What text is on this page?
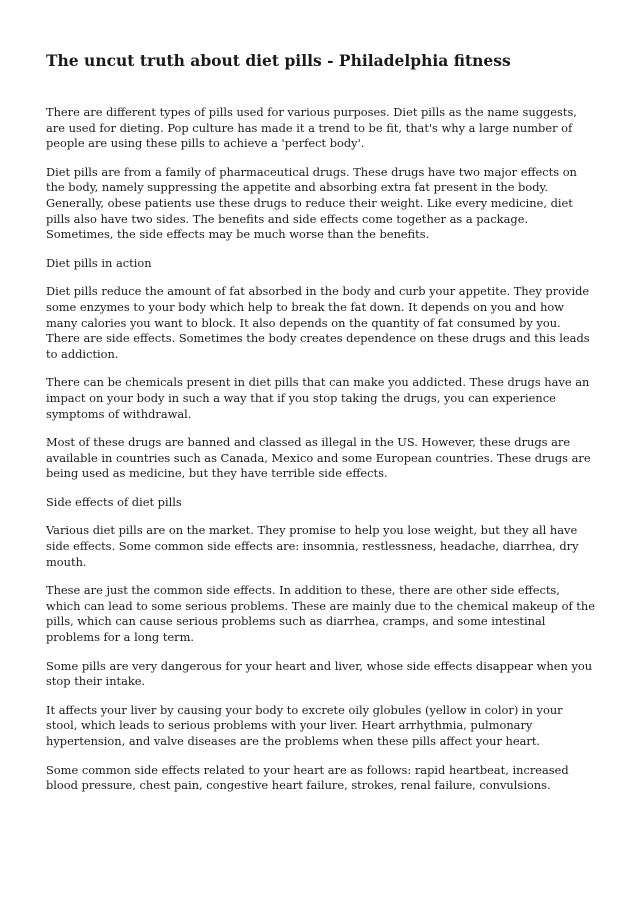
The uncut truth about diet pills - Philadelphia fitness

There are different types of pills used for various purposes. Diet pills as the name suggests, are used for dieting. Pop culture has made it a trend to be fit, that's why a large number of people are using these pills to achieve a 'perfect body'.

Diet pills are from a family of pharmaceutical drugs. These drugs have two major effects on the body, namely suppressing the appetite and absorbing extra fat present in the body. Generally, obese patients use these drugs to reduce their weight. Like every medicine, diet pills also have two sides. The benefits and side effects come together as a package. Sometimes, the side effects may be much worse than the benefits.

Diet pills in action

Diet pills reduce the amount of fat absorbed in the body and curb your appetite. They provide some enzymes to your body which help to break the fat down. It depends on you and how many calories you want to block. It also depends on the quantity of fat consumed by you. There are side effects. Sometimes the body creates dependence on these drugs and this leads to addiction.

There can be chemicals present in diet pills that can make you addicted. These drugs have an impact on your body in such a way that if you stop taking the drugs, you can experience symptoms of withdrawal.

Most of these drugs are banned and classed as illegal in the US. However, these drugs are available in countries such as Canada, Mexico and some European countries. These drugs are being used as medicine, but they have terrible side effects.

Side effects of diet pills

Various diet pills are on the market. They promise to help you lose weight, but they all have side effects. Some common side effects are: insomnia, restlessness, headache, diarrhea, dry mouth.

These are just the common side effects. In addition to these, there are other side effects, which can lead to some serious problems. These are mainly due to the chemical makeup of the pills, which can cause serious problems such as diarrhea, cramps, and some intestinal problems for a long term.

Some pills are very dangerous for your heart and liver, whose side effects disappear when you stop their intake.

It affects your liver by causing your body to excrete oily globules (yellow in color) in your stool, which leads to serious problems with your liver. Heart arrhythmia, pulmonary hypertension, and valve diseases are the problems when these pills affect your heart.

Some common side effects related to your heart are as follows: rapid heartbeat, increased blood pressure, chest pain, congestive heart failure, strokes, renal failure, convulsions.
